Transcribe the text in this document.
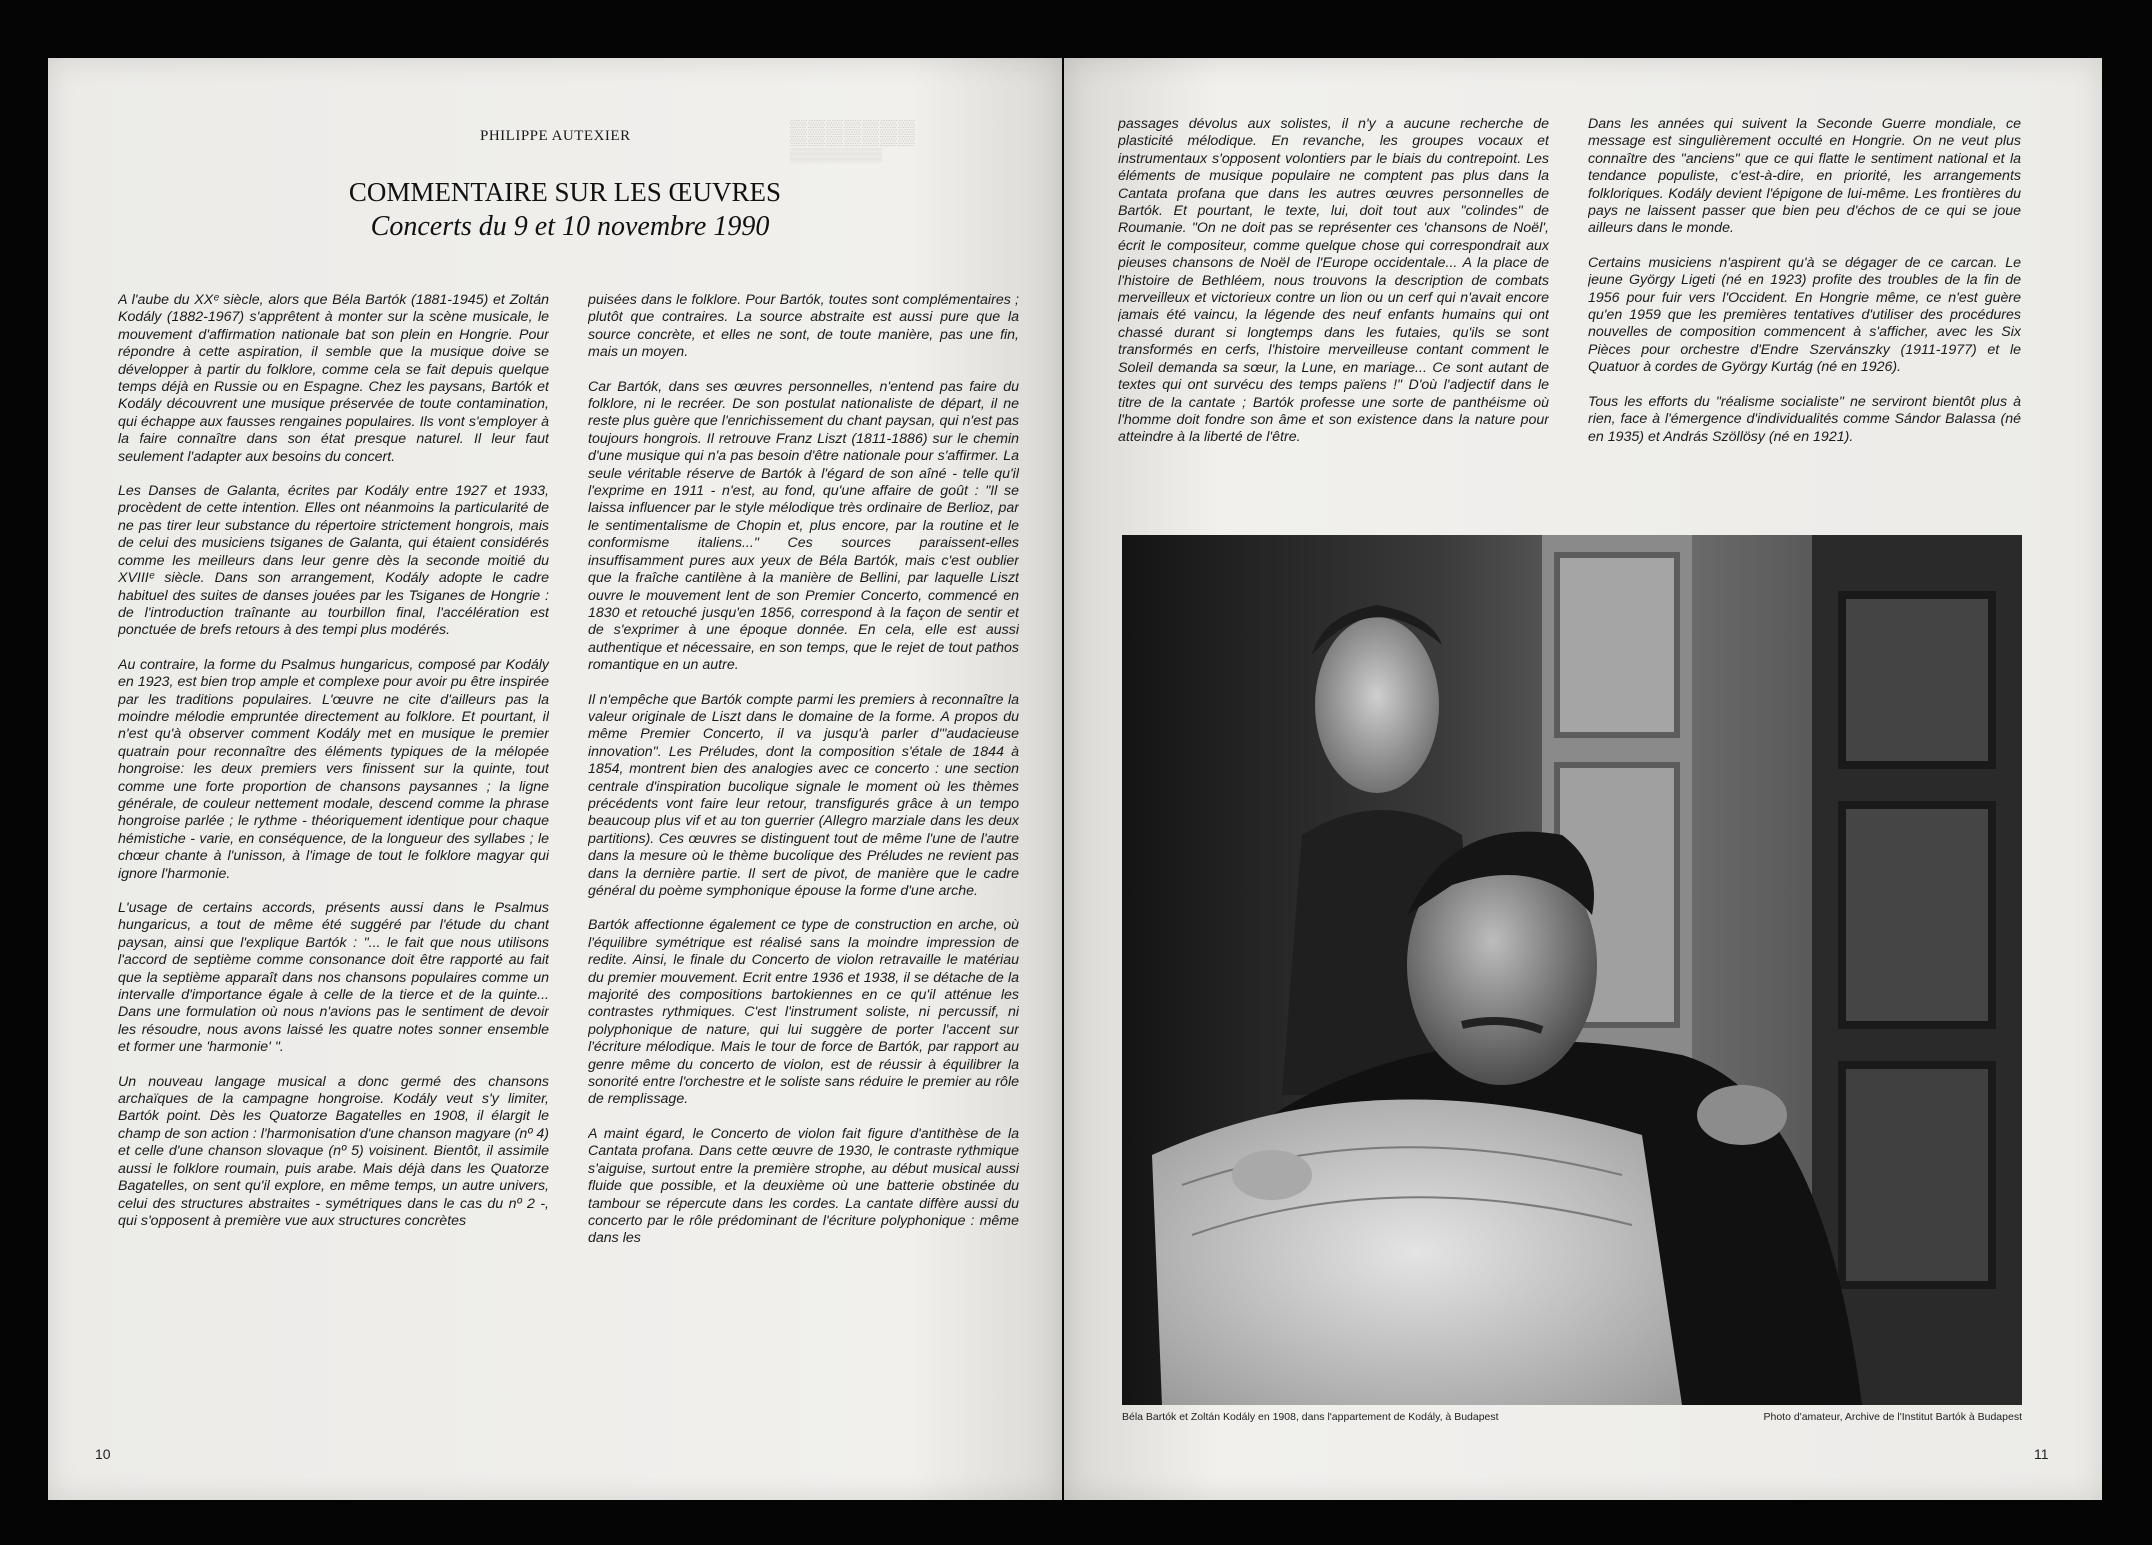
▒▒▒▒▒▒▒
▒▒▒▒▒▒▒▒▒▒
PHILIPPE AUTEXIER
COMMENTAIRE SUR LES ŒUVRES
Concerts du 9 et 10 novembre 1990

A l'aube du XXᵉ siècle, alors que Béla Bartók (1881-1945) et Zoltán Kodály (1882-1967) s'apprêtent à monter sur la scène musicale, le mouvement d'affirmation nationale bat son plein en Hongrie. Pour répondre à cette aspiration, il semble que la musique doive se développer à partir du folklore, comme cela se fait depuis quelque temps déjà en Russie ou en Espagne. Chez les paysans, Bartók et Kodály découvrent une musique préservée de toute contamination, qui échappe aux fausses rengaines populaires. Ils vont s'employer à la faire connaître dans son état presque naturel. Il leur faut seulement l'adapter aux besoins du concert.

Les Danses de Galanta, écrites par Kodály entre 1927 et 1933, procèdent de cette intention. Elles ont néanmoins la particularité de ne pas tirer leur substance du répertoire strictement hongrois, mais de celui des musiciens tsiganes de Galanta, qui étaient considérés comme les meilleurs dans leur genre dès la seconde moitié du XVIIIᵉ siècle. Dans son arrangement, Kodály adopte le cadre habituel des suites de danses jouées par les Tsiganes de Hongrie : de l'introduction traînante au tourbillon final, l'accélération est ponctuée de brefs retours à des tempi plus modérés.

Au contraire, la forme du Psalmus hungaricus, composé par Kodály en 1923, est bien trop ample et complexe pour avoir pu être inspirée par les traditions populaires. L'œuvre ne cite d'ailleurs pas la moindre mélodie empruntée directement au folklore. Et pourtant, il n'est qu'à observer comment Kodály met en musique le premier quatrain pour reconnaître des éléments typiques de la mélopée hongroise: les deux premiers vers finissent sur la quinte, tout comme une forte proportion de chansons paysannes ; la ligne générale, de couleur nettement modale, descend comme la phrase hongroise parlée ; le rythme - théoriquement identique pour chaque hémistiche - varie, en conséquence, de la longueur des syllabes ; le chœur chante à l'unisson, à l'image de tout le folklore magyar qui ignore l'harmonie.

L'usage de certains accords, présents aussi dans le Psalmus hungaricus, a tout de même été suggéré par l'étude du chant paysan, ainsi que l'explique Bartók : "... le fait que nous utilisons l'accord de septième comme consonance doit être rapporté au fait que la septième apparaît dans nos chansons populaires comme un intervalle d'importance égale à celle de la tierce et de la quinte... Dans une formulation où nous n'avions pas le sentiment de devoir les résoudre, nous avons laissé les quatre notes sonner ensemble et former une 'harmonie' ".

Un nouveau langage musical a donc germé des chansons archaïques de la campagne hongroise. Kodály veut s'y limiter, Bartók point. Dès les Quatorze Bagatelles en 1908, il élargit le champ de son action : l'harmonisation d'une chanson magyare (nº 4) et celle d'une chanson slovaque (nº 5) voisinent. Bientôt, il assimile aussi le folklore roumain, puis arabe. Mais déjà dans les Quatorze Bagatelles, on sent qu'il explore, en même temps, un autre univers, celui des structures abstraites - symétriques dans le cas du nº 2 -, qui s'opposent à première vue aux structures concrètes

puisées dans le folklore. Pour Bartók, toutes sont complémentaires ; plutôt que contraires. La source abstraite est aussi pure que la source concrète, et elles ne sont, de toute manière, pas une fin, mais un moyen.

Car Bartók, dans ses œuvres personnelles, n'entend pas faire du folklore, ni le recréer. De son postulat nationaliste de départ, il ne reste plus guère que l'enrichissement du chant paysan, qui n'est pas toujours hongrois. Il retrouve Franz Liszt (1811-1886) sur le chemin d'une musique qui n'a pas besoin d'être nationale pour s'affirmer. La seule véritable réserve de Bartók à l'égard de son aîné - telle qu'il l'exprime en 1911 - n'est, au fond, qu'une affaire de goût : "Il se laissa influencer par le style mélodique très ordinaire de Berlioz, par le sentimentalisme de Chopin et, plus encore, par la routine et le conformisme italiens..." Ces sources paraissent-elles insuffisamment pures aux yeux de Béla Bartók, mais c'est oublier que la fraîche cantilène à la manière de Bellini, par laquelle Liszt ouvre le mouvement lent de son Premier Concerto, commencé en 1830 et retouché jusqu'en 1856, correspond à la façon de sentir et de s'exprimer à une époque donnée. En cela, elle est aussi authentique et nécessaire, en son temps, que le rejet de tout pathos romantique en un autre.

Il n'empêche que Bartók compte parmi les premiers à reconnaître la valeur originale de Liszt dans le domaine de la forme. A propos du même Premier Concerto, il va jusqu'à parler d'"audacieuse innovation". Les Préludes, dont la composition s'étale de 1844 à 1854, montrent bien des analogies avec ce concerto : une section centrale d'inspiration bucolique signale le moment où les thèmes précédents vont faire leur retour, transfigurés grâce à un tempo beaucoup plus vif et au ton guerrier (Allegro marziale dans les deux partitions). Ces œuvres se distinguent tout de même l'une de l'autre dans la mesure où le thème bucolique des Préludes ne revient pas dans la dernière partie. Il sert de pivot, de manière que le cadre général du poème symphonique épouse la forme d'une arche.

Bartók affectionne également ce type de construction en arche, où l'équilibre symétrique est réalisé sans la moindre impression de redite. Ainsi, le finale du Concerto de violon retravaille le matériau du premier mouvement. Ecrit entre 1936 et 1938, il se détache de la majorité des compositions bartokiennes en ce qu'il atténue les contrastes rythmiques. C'est l'instrument soliste, ni percussif, ni polyphonique de nature, qui lui suggère de porter l'accent sur l'écriture mélodique. Mais le tour de force de Bartók, par rapport au genre même du concerto de violon, est de réussir à équilibrer la sonorité entre l'orchestre et le soliste sans réduire le premier au rôle de remplissage.

A maint égard, le Concerto de violon fait figure d'antithèse de la Cantata profana. Dans cette œuvre de 1930, le contraste rythmique s'aiguise, surtout entre la première strophe, au début musical aussi fluide que possible, et la deuxième où une batterie obstinée du tambour se répercute dans les cordes. La cantate diffère aussi du concerto par le rôle prédominant de l'écriture polyphonique : même dans les

passages dévolus aux solistes, il n'y a aucune recherche de plasticité mélodique. En revanche, les groupes vocaux et instrumentaux s'opposent volontiers par le biais du contrepoint. Les éléments de musique populaire ne comptent pas plus dans la Cantata profana que dans les autres œuvres personnelles de Bartók. Et pourtant, le texte, lui, doit tout aux "colindes" de Roumanie. "On ne doit pas se représenter ces 'chansons de Noël', écrit le compositeur, comme quelque chose qui correspondrait aux pieuses chansons de Noël de l'Europe occidentale... A la place de l'histoire de Bethléem, nous trouvons la description de combats merveilleux et victorieux contre un lion ou un cerf qui n'avait encore jamais été vaincu, la légende des neuf enfants humains qui ont chassé durant si longtemps dans les futaies, qu'ils se sont transformés en cerfs, l'histoire merveilleuse contant comment le Soleil demanda sa sœur, la Lune, en mariage... Ce sont autant de textes qui ont survécu des temps païens !" D'où l'adjectif dans le titre de la cantate ; Bartók professe une sorte de panthéisme où l'homme doit fondre son âme et son existence dans la nature pour atteindre à la liberté de l'être.

Dans les années qui suivent la Seconde Guerre mondiale, ce message est singulièrement occulté en Hongrie. On ne veut plus connaître des "anciens" que ce qui flatte le sentiment national et la tendance populiste, c'est-à-dire, en priorité, les arrangements folkloriques. Kodály devient l'épigone de lui-même. Les frontières du pays ne laissent passer que bien peu d'échos de ce qui se joue ailleurs dans le monde.

Certains musiciens n'aspirent qu'à se dégager de ce carcan. Le jeune György Ligeti (né en 1923) profite des troubles de la fin de 1956 pour fuir vers l'Occident. En Hongrie même, ce n'est guère qu'en 1959 que les premières tentatives d'utiliser des procédures nouvelles de composition commencent à s'afficher, avec les Six Pièces pour orchestre d'Endre Szervánszky (1911-1977) et le Quatuor à cordes de György Kurtág (né en 1926).

Tous les efforts du "réalisme socialiste" ne serviront bientôt plus à rien, face à l'émergence d'individualités comme Sándor Balassa (né en 1935) et András Szöllösy (né en 1921).

Béla Bartók et Zoltán Kodály en 1908, dans l'appartement de Kodály, à Budapest	Photo d'amateur, Archive de l'Institut Bartók à Budapest
10	11
